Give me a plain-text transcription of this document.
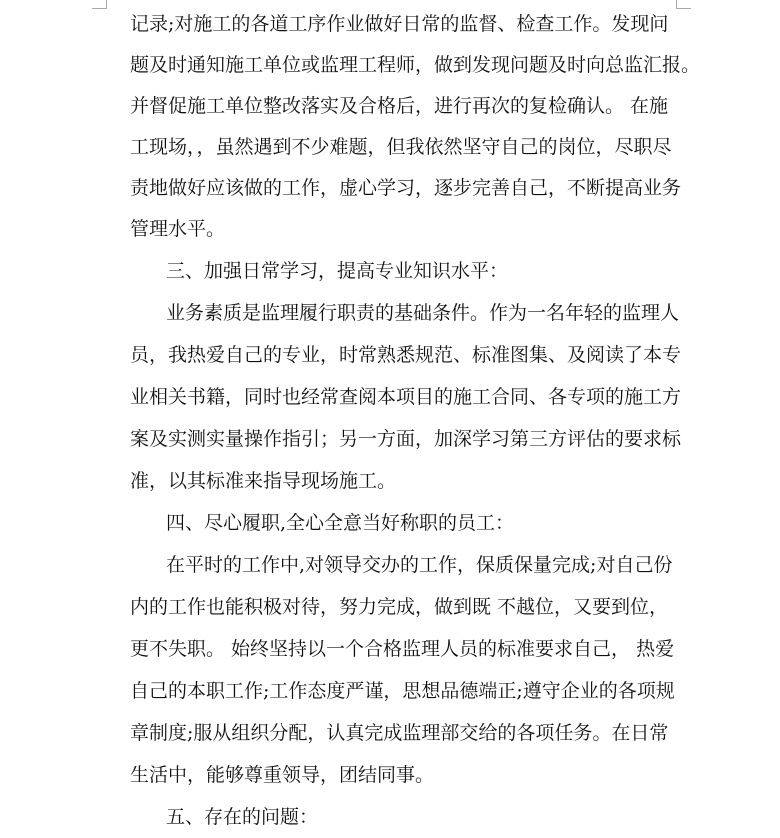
记录;对施工的各道工序作业做好日常的监督、检查工作。发现问
题及时通知施工单位或监理工程师，做到发现问题及时向总监汇报。
并督促施工单位整改落实及合格后，进行再次的复检确认。 在施
工现场，，虽然遇到不少难题，但我依然坚守自己的岗位，尽职尽
责地做好应该做的工作，虚心学习，逐步完善自己，不断提高业务
管理水平。
三、加强日常学习，提高专业知识水平：
业务素质是监理履行职责的基础条件。作为一名年轻的监理人
员，我热爱自己的专业，时常熟悉规范、标准图集、及阅读了本专
业相关书籍，同时也经常查阅本项目的施工合同、各专项的施工方
案及实测实量操作指引；另一方面，加深学习第三方评估的要求标
准，以其标准来指导现场施工。
四、尽心履职,全心全意当好称职的员工：
在平时的工作中,对领导交办的工作，保质保量完成;对自己份
内的工作也能积极对待，努力完成，做到既 不越位，又要到位，
更不失职。 始终坚持以一个合格监理人员的标准要求自己， 热爱
自己的本职工作;工作态度严谨，思想品德端正;遵守企业的各项规
章制度;服从组织分配，认真完成监理部交给的各项任务。在日常
生活中，能够尊重领导，团结同事。
五、存在的问题：
